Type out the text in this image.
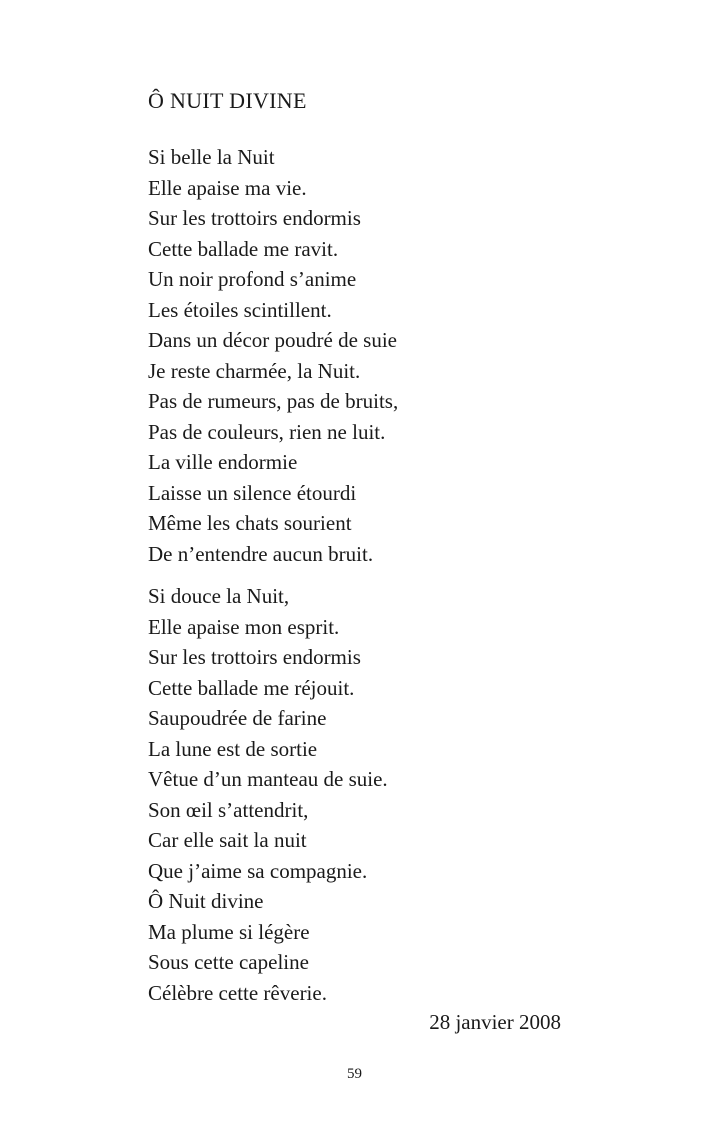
Ô NUIT DIVINE
Si belle la Nuit
Elle apaise ma vie.
Sur les trottoirs endormis
Cette ballade me ravit.
Un noir profond s’anime
Les étoiles scintillent.
Dans un décor poudré de suie
Je reste charmée, la Nuit.
Pas de rumeurs, pas de bruits,
Pas de couleurs, rien ne luit.
La ville endormie
Laisse un silence étourdi
Même les chats sourient
De n’entendre aucun bruit.
Si douce la Nuit,
Elle apaise mon esprit.
Sur les trottoirs endormis
Cette ballade me réjouit.
Saupoudrée de farine
La lune est de sortie
Vêtue d’un manteau de suie.
Son œil s’attendrit,
Car elle sait la nuit
Que j’aime sa compagnie.
Ô Nuit divine
Ma plume si légère
Sous cette capeline
Célèbre cette rêverie.
28 janvier 2008
59
